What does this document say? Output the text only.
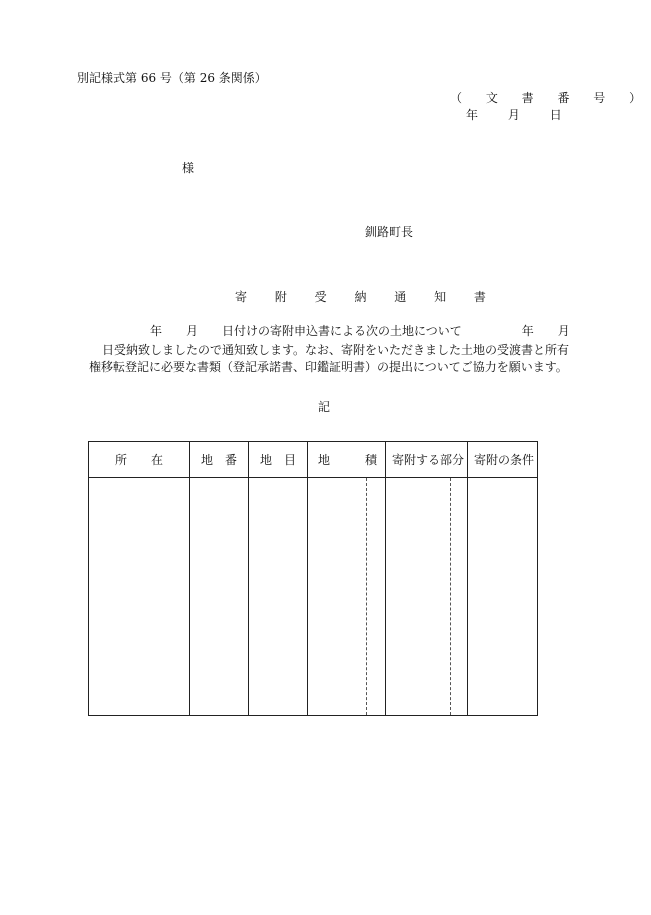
別記様式第 66 号（第 26 条関係）
（ 文 書 番 号 ）
年 月 日
様
釧路町長
寄 附 受 納 通 知 書
年　　月　　日付けの寄附申込書による次の土地について　　　　　年　　月
日受納致しましたので通知致します。なお、寄附をいただきました土地の受渡書と所有
権移転登記に必要な書類（登記承諾書、印鑑証明書）の提出についてご協力を願います。
記
所　　在	地　番 地　目 地	積 寄附する部分 寄附の条件
